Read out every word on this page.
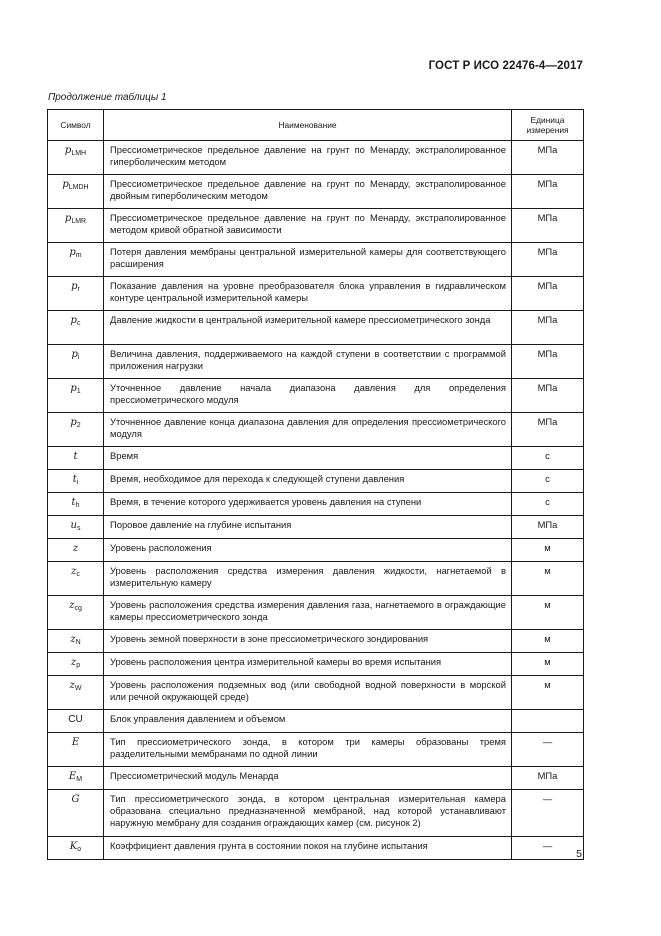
ГОСТ Р ИСО 22476-4—2017
Продолжение таблицы 1
Символ	Наименование	Единица измерения
$p_{LMH}$	Прессиометрическое предельное давление на грунт по Менарду, экстраполированное гиперболическим методом	МПа
$p_{LMDH}$	Прессиометрическое предельное давление на грунт по Менарду, экстраполированное двойным гиперболическим методом	МПа
$p_{LMR}$	Прессиометрическое предельное давление на грунт по Менарду, экстраполированное методом кривой обратной зависимости	МПа
$p_m$	Потеря давления мембраны центральной измерительной камеры для соответствующего расширения	МПа
$p_r$	Показание давления на уровне преобразователя блока управления в гидравлическом контуре центральной измерительной камеры	МПа
$p_c$	Давление жидкости в центральной измерительной камере прессиометрического зонда	МПа
$p_i$	Величина давления, поддерживаемого на каждой ступени в соответствии с программой приложения нагрузки	МПа
$p_1$	Уточненное давление начала диапазона давления для определения прессиометрического модуля	МПа
$p_2$	Уточненное давление конца диапазона давления для определения прессиометрического модуля	МПа
t	Время	с
$t_i$	Время, необходимое для перехода к следующей ступени давления	с
$t_h$	Время, в течение которого удерживается уровень давления на ступени	с
$u_s$	Поровое давление на глубине испытания	МПа
z	Уровень расположения	м
$z_c$	Уровень расположения средства измерения давления жидкости, нагнетаемой в измерительную камеру	м
$z_{cg}$	Уровень расположения средства измерения давления газа, нагнетаемого в ограждающие камеры прессиометрического зонда	м
$z_N$	Уровень земной поверхности в зоне прессиометрического зондирования	м
$z_p$	Уровень расположения центра измерительной камеры во время испытания	м
$z_W$	Уровень расположения подземных вод (или свободной водной поверхности в морской или речной окружающей среде)	м
CU	Блок управления давлением и объемом	
E	Тип прессиометрического зонда, в котором три камеры образованы тремя разделительными мембранами по одной линии	—
$E_M$	Прессиометрический модуль Менарда	МПа
G	Тип прессиометрического зонда, в котором центральная измерительная камера образована специально предназначенной мембраной, над которой устанавливают наружную мембрану для создания ограждающих камер (см. рисунок 2)	—
$K_o$	Коэффициент давления грунта в состоянии покоя на глубине испытания	—
5
